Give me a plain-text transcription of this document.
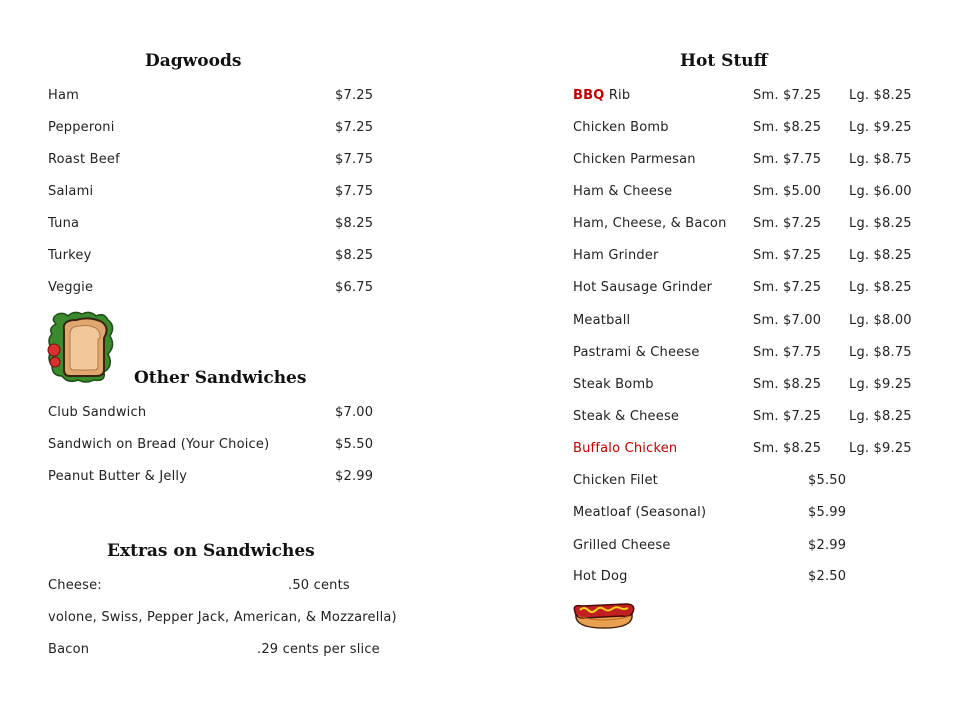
Dagwoods
Ham	$7.25
Pepperoni	$7.25
Roast Beef	$7.75
Salami	$7.75
Tuna	$8.25
Turkey	$8.25
Veggie	$6.75
Other Sandwiches
Club Sandwich	$7.00
Sandwich on Bread (Your Choice)	$5.50
Peanut Butter & Jelly	$2.99
Extras on Sandwiches
Cheese:	.50 cents
volone, Swiss, Pepper Jack, American, & Mozzarella)
Bacon	.29 cents per slice
Hot Stuff
BBQ Rib	Sm. $7.25 Lg. $8.25
Chicken Bomb	Sm. $8.25 Lg. $9.25
Chicken Parmesan	Sm. $7.75 Lg. $8.75
Ham & Cheese	Sm. $5.00 Lg. $6.00
Ham, Cheese, & Bacon Sm. $7.25 Lg. $8.25
Ham Grinder	Sm. $7.25 Lg. $8.25
Hot Sausage Grinder	Sm. $7.25 Lg. $8.25
Meatball	Sm. $7.00 Lg. $8.00
Pastrami & Cheese	Sm. $7.75 Lg. $8.75
Steak Bomb	Sm. $8.25 Lg. $9.25
Steak & Cheese	Sm. $7.25 Lg. $8.25
Buffalo Chicken	Sm. $8.25 Lg. $9.25
Chicken Filet	$5.50
Meatloaf (Seasonal)	$5.99
Grilled Cheese	$2.99
Hot Dog	$2.50
